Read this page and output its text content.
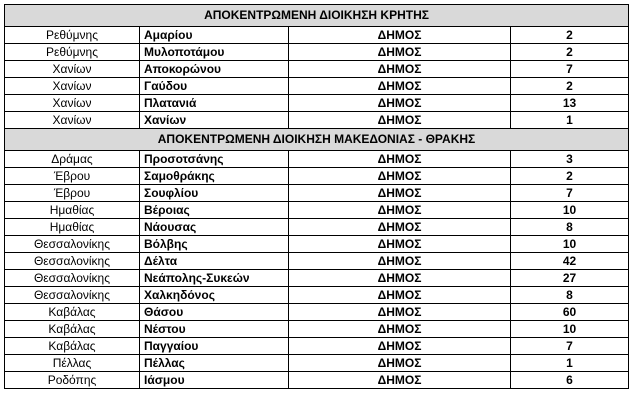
ΑΠΟΚΕΝΤΡΩΜΕΝΗ ΔΙΟΙΚΗΣΗ ΚΡΗΤΗΣ			
Ρεθύμνης	Αμαρίου	ΔΗΜΟΣ	2
Ρεθύμνης	Μυλοποτάμου	ΔΗΜΟΣ	2
Χανίων	Αποκορώνου	ΔΗΜΟΣ	7
Χανίων	Γαύδου	ΔΗΜΟΣ	2
Χανίων	Πλατανιά	ΔΗΜΟΣ	13
Χανίων	Χανίων	ΔΗΜΟΣ	1
ΑΠΟΚΕΝΤΡΩΜΕΝΗ ΔΙΟΙΚΗΣΗ ΜΑΚΕΔΟΝΙΑΣ - ΘΡΑΚΗΣ			
Δράμας	Προσοτσάνης	ΔΗΜΟΣ	3
Έβρου	Σαμοθράκης	ΔΗΜΟΣ	2
Έβρου	Σουφλίου	ΔΗΜΟΣ	7
Ημαθίας	Βέροιας	ΔΗΜΟΣ	10
Ημαθίας	Νάουσας	ΔΗΜΟΣ	8
Θεσσαλονίκης	Βόλβης	ΔΗΜΟΣ	10
Θεσσαλονίκης	Δέλτα	ΔΗΜΟΣ	42
Θεσσαλονίκης	Νεάπολης-Συκεών	ΔΗΜΟΣ	27
Θεσσαλονίκης	Χαλκηδόνος	ΔΗΜΟΣ	8
Καβάλας	Θάσου	ΔΗΜΟΣ	60
Καβάλας	Νέστου	ΔΗΜΟΣ	10
Καβάλας	Παγγαίου	ΔΗΜΟΣ	7
Πέλλας	Πέλλας	ΔΗΜΟΣ	1
Ροδόπης	Ιάσμου	ΔΗΜΟΣ	6
